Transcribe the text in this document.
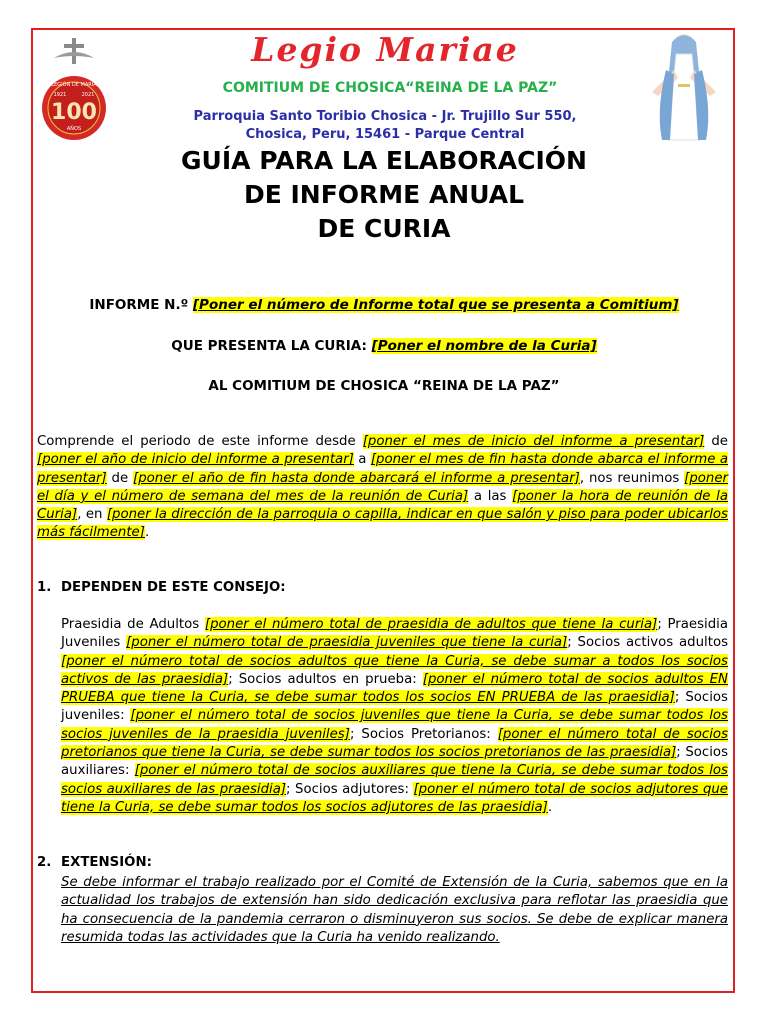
LEGIÓN DE MARÍA
1921	2021
100
AÑOS
Legio Mariae
COMITIUM DE CHOSICA“REINA DE LA PAZ”
Parroquia Santo Toribio Chosica - Jr. Trujillo Sur 550,
Chosica, Peru, 15461 - Parque Central
GUÍA PARA LA ELABORACIÓN
DE INFORME ANUAL
DE CURIA
INFORME N.º [Poner el número de Informe total que se presenta a Comitium]
QUE PRESENTA LA CURIA: [Poner el nombre de la Curia]
AL COMITIUM DE CHOSICA “REINA DE LA PAZ”
Comprende el periodo de este informe desde [poner el mes de inicio del informe a presentar] de [poner el año de inicio del informe a presentar] a [poner el mes de fin hasta donde abarca el informe a presentar] de [poner el año de fin hasta donde abarcará el informe a presentar], nos reunimos [poner el día y el número de semana del mes de la reunión de Curia] a las [poner la hora de reunión de la Curia], en [poner la dirección de la parroquia o capilla, indicar en que salón y piso para poder ubicarlos más fácilmente].
1. DEPENDEN DE ESTE CONSEJO:
Praesidia de Adultos [poner el número total de praesidia de adultos que tiene la curia]; Praesidia Juveniles [poner el número total de praesidia juveniles que tiene la curia]; Socios activos adultos [poner el número total de socios adultos que tiene la Curia, se debe sumar a todos los socios activos de las praesidia]; Socios adultos en prueba: [poner el número total de socios adultos EN PRUEBA que tiene la Curia, se debe sumar todos los socios EN PRUEBA de las praesidia]; Socios juveniles: [poner el número total de socios juveniles que tiene la Curia, se debe sumar todos los socios juveniles de la praesidia juveniles]; Socios Pretorianos: [poner el número total de socios pretorianos que tiene la Curia, se debe sumar todos los socios pretorianos de las praesidia]; Socios auxiliares: [poner el número total de socios auxiliares que tiene la Curia, se debe sumar todos los socios auxiliares de las praesidia]; Socios adjutores: [poner el número total de socios adjutores que tiene la Curia, se debe sumar todos los socios adjutores de las praesidia].
2. EXTENSIÓN:
Se debe informar el trabajo realizado por el Comité de Extensión de la Curia, sabemos que en la actualidad los trabajos de extensión han sido dedicación exclusiva para reflotar las praesidia que ha consecuencia de la pandemia cerraron o disminuyeron sus socios. Se debe de explicar manera resumida todas las actividades que la Curia ha venido realizando.
